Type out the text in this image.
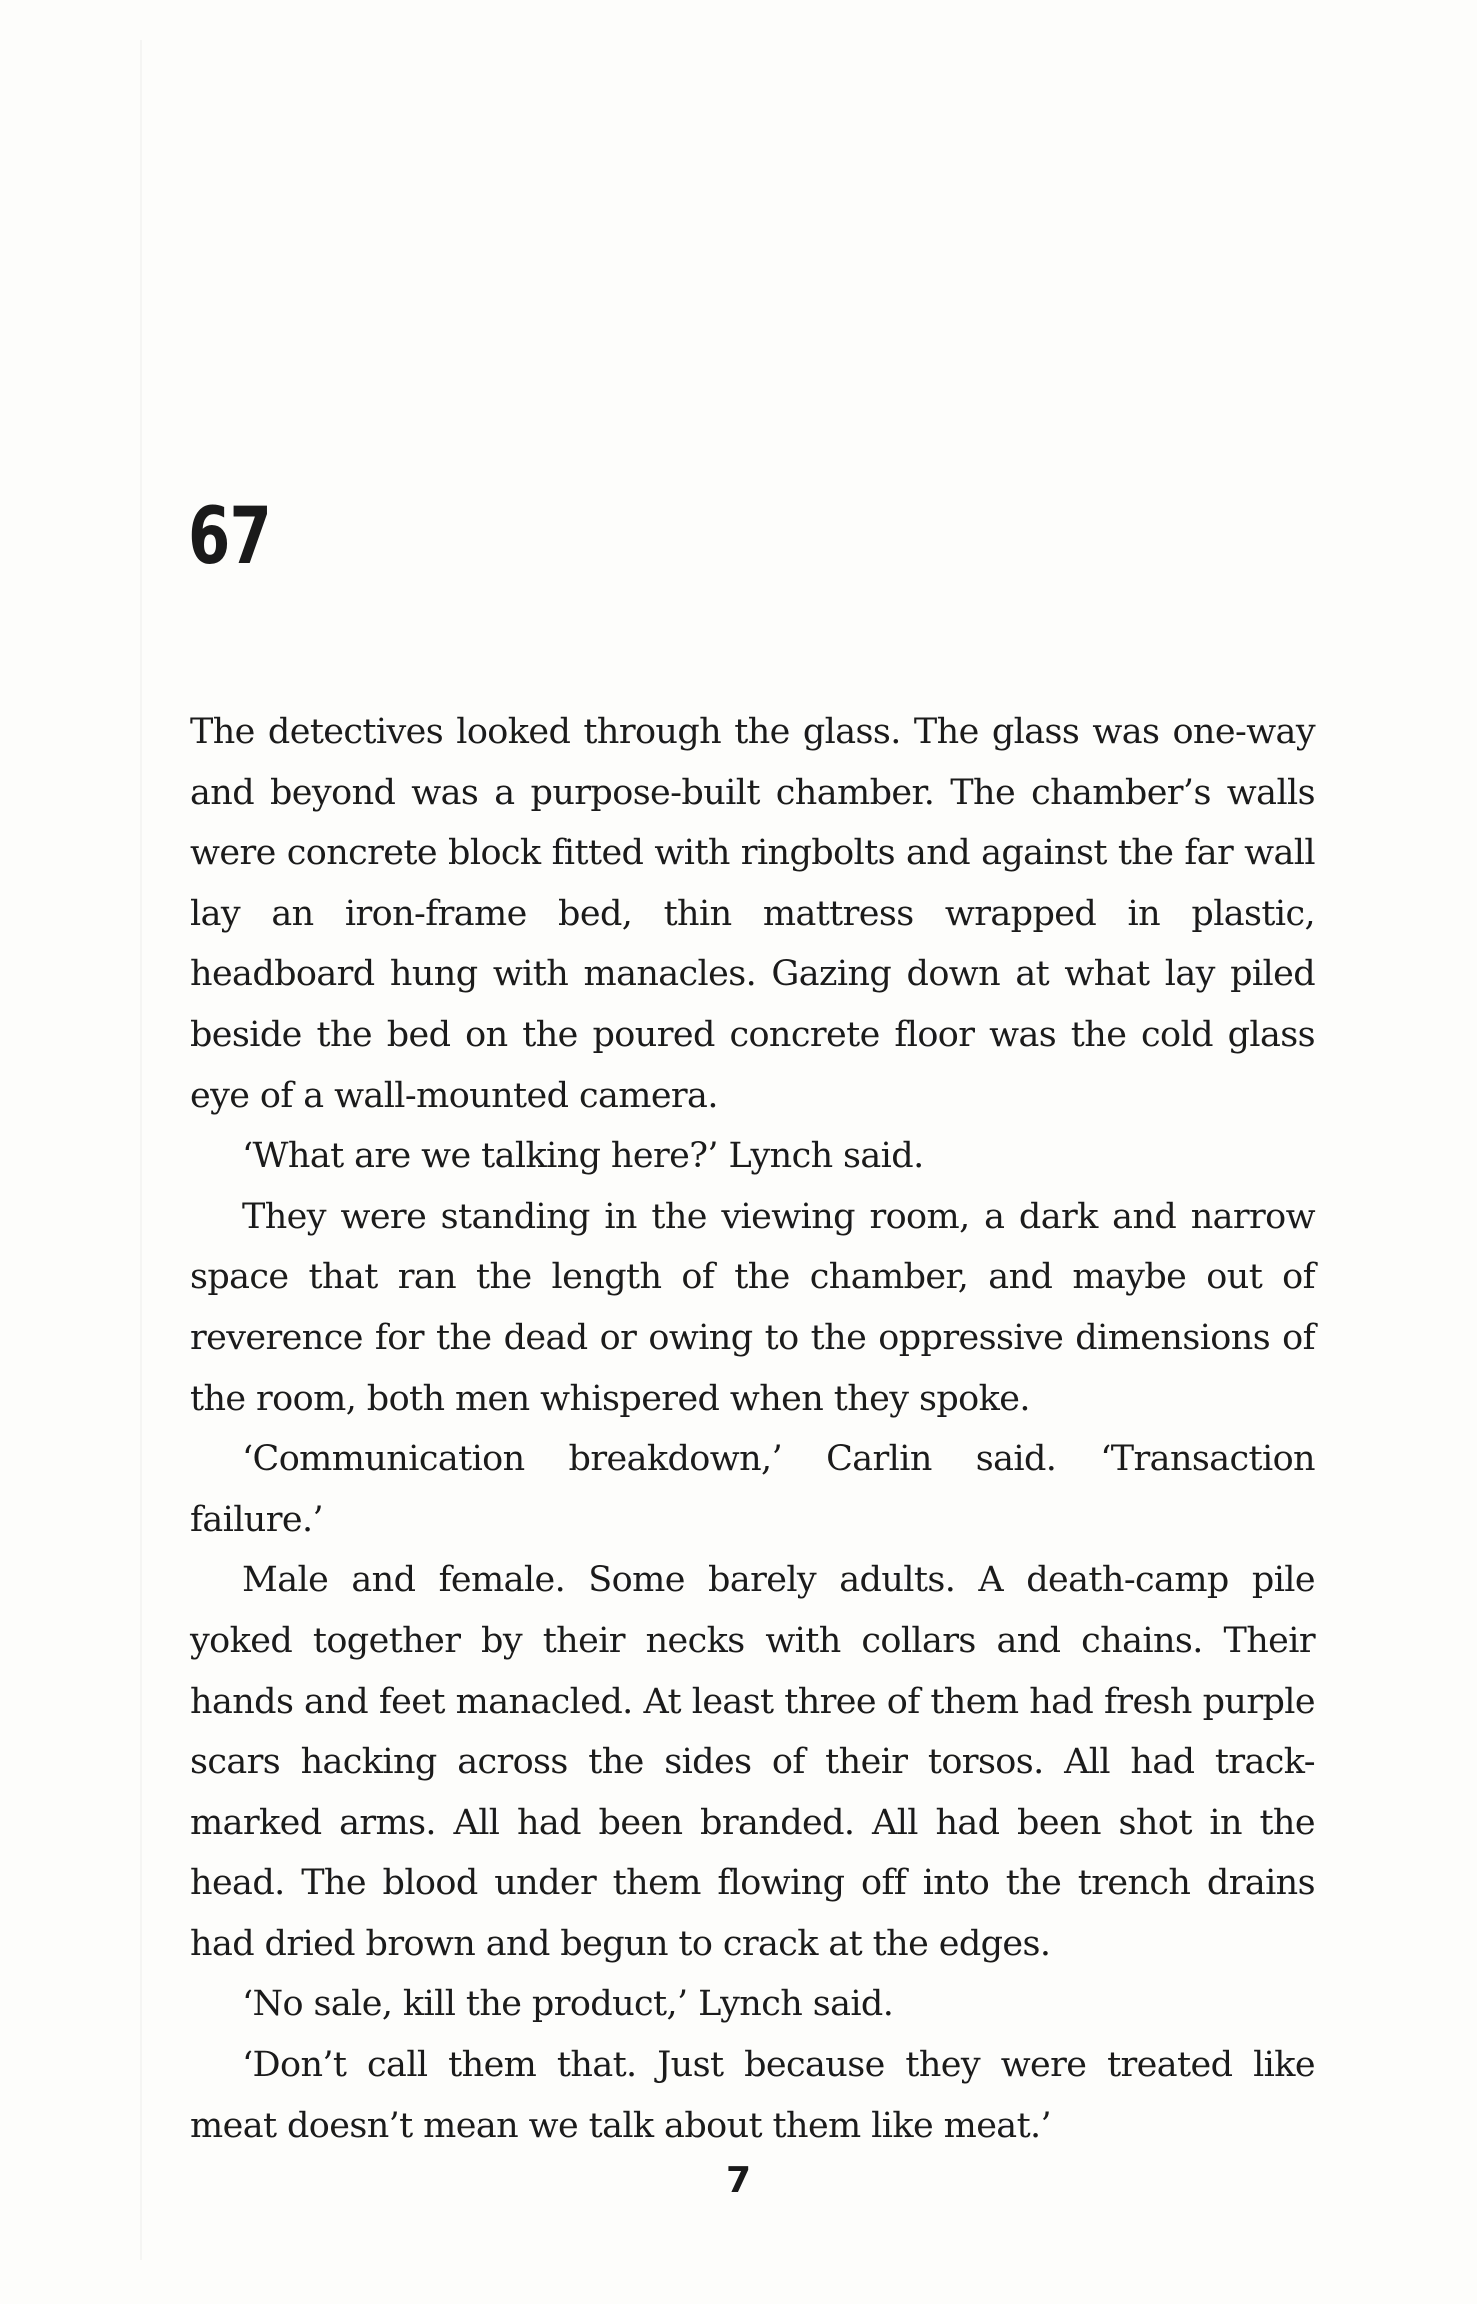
67

The detectives looked through the glass. The glass was one-way and beyond was a purpose-built chamber. The chamber’s walls were concrete block fitted with ringbolts and against the far wall lay an iron-frame bed, thin mattress wrapped in plastic, headboard hung with manacles. Gazing down at what lay piled beside the bed on the poured concrete floor was the cold glass eye of a wall-mounted camera.

‘What are we talking here?’ Lynch said.

They were standing in the viewing room, a dark and narrow space that ran the length of the chamber, and maybe out of reverence for the dead or owing to the oppressive dimensions of the room, both men whispered when they spoke.

‘Communication breakdown,’ Carlin said. ‘Transaction failure.’

Male and female. Some barely adults. A death-camp pile yoked together by their necks with collars and chains. Their hands and feet manacled. At least three of them had fresh purple scars hacking across the sides of their torsos. All had track-marked arms. All had been branded. All had been shot in the head. The blood under them flowing off into the trench drains had dried brown and begun to crack at the edges.

‘No sale, kill the product,’ Lynch said.

‘Don’t call them that. Just because they were treated like meat doesn’t mean we talk about them like meat.’

7
